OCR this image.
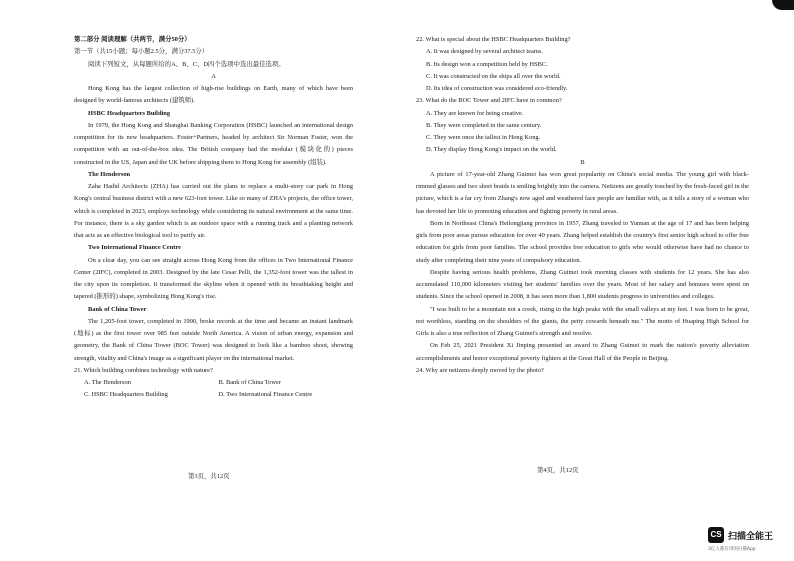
第二部分 阅读理解（共两节，满分50分）

第一节（共15小题；每小题2.5分，满分37.5分）

阅读下列短文，从每题所给的A、B、C、D四个选项中选出最佳选项。

A

Hong Kong has the largest collection of high-rise buildings on Earth, many of which have been designed by world-famous architects (建筑师).

HSBC Headquarters Building

In 1979, the Hong Kong and Shanghai Banking Corporation (HSBC) launched an international design competition for its new headquarters. Foster+Partners, headed by architect Sir Norman Foster, won the competition with an out-of-the-box idea. The British company had the modular (模块化的) pieces constructed in the US, Japan and the UK before shipping them to Hong Kong for assembly (组装).

The Henderson

Zaha Hadid Architects (ZHA) has carried out the plans to replace a multi-story car park in Hong Kong's central business district with a new 623-foot tower. Like so many of ZHA's projects, the office tower, which is completed in 2023, employs technology while considering its natural environment at the same time. For instance, there is a sky garden which is an outdoor space with a running track and a planting network that acts as an effective biological tool to purify air.

Two International Finance Centre

On a clear day, you can see straight across Hong Kong from the offices in Two International Finance Center (2IFC), completed in 2003. Designed by the late Cesar Pelli, the 1,352-foot tower was the tallest in the city upon its completion. It transformed the skyline when it opened with its breathtaking height and tapered (锥形的) shape, symbolizing Hong Kong's rise.

Bank of China Tower

The 1,205-foot tower, completed in 1990, broke records at the time and became an instant landmark (地标) as the first tower over 985 feet outside North America. A vision of urban energy, expansion and geometry, the Bank of China Tower (BOC Tower) was designed to look like a bamboo shoot, showing strength, vitality and China's image as a significant player on the international market.

21. Which building combines technology with nature?

A. The Henderson	B. Bank of China Tower
C. HSBC Headquarters Building	D. Two International Finance Centre
第3页，共12页

22. What is special about the HSBC Headquarters Building?

A. It was designed by several architect teams.

B. Its design won a competition held by HSBC.

C. It was constructed on the ships all over the world.

D. Its idea of construction was considered eco-friendly.

23. What do the BOC Tower and 2IFC have in common?

A. They are known for being creative.

B. They were completed in the same century.

C. They were once the tallest in Hong Kong.

D. They display Hong Kong's impact on the world.

B

A picture of 17-year-old Zhang Guimei has won great popularity on China's social media. The young girl with black-rimmed glasses and two short braids is smiling brightly into the camera. Netizens are greatly touched by the fresh-faced girl in the picture, which is a far cry from Zhang's now aged and weathered face people are familiar with, as it tells a story of a woman who has devoted her life to promoting education and fighting poverty in rural areas.

Born in Northeast China's Heilongjiang province in 1957, Zhang traveled to Yunnan at the age of 17 and has been helping girls from poor areas pursue education for over 40 years. Zhang helped establish the country's first senior high school to offer free education for girls from poor families. The school provides free education to girls who would otherwise have had no chance to study after completing their nine years of compulsory education.

Despite having serious health problems, Zhang Guimei took morning classes with students for 12 years. She has also accumulated 110,000 kilometers visiting her students' families over the years. Most of her salary and bonuses were spent on students. Since the school opened in 2008, it has seen more than 1,800 students progress to universities and colleges.

"I was built to be a mountain not a creek, rising to the high peaks with the small valleys at my feet. I was born to be great, not worthless, standing on the shoulders of the giants, the petty cowards beneath me." The motto of Huaping High School for Girls is also a true reflection of Zhang Guimei's strength and resolve.

On Feb 25, 2021 President Xi Jinping presented an award to Zhang Guimei to mark the nation's poverty alleviation accomplishments and honor exceptional poverty fighters at the Great Hall of the People in Beijing.

24. Why are netizens deeply moved by the photo?

第4页，共12页
CS 扫描全能王
3亿人都在用的扫描App
